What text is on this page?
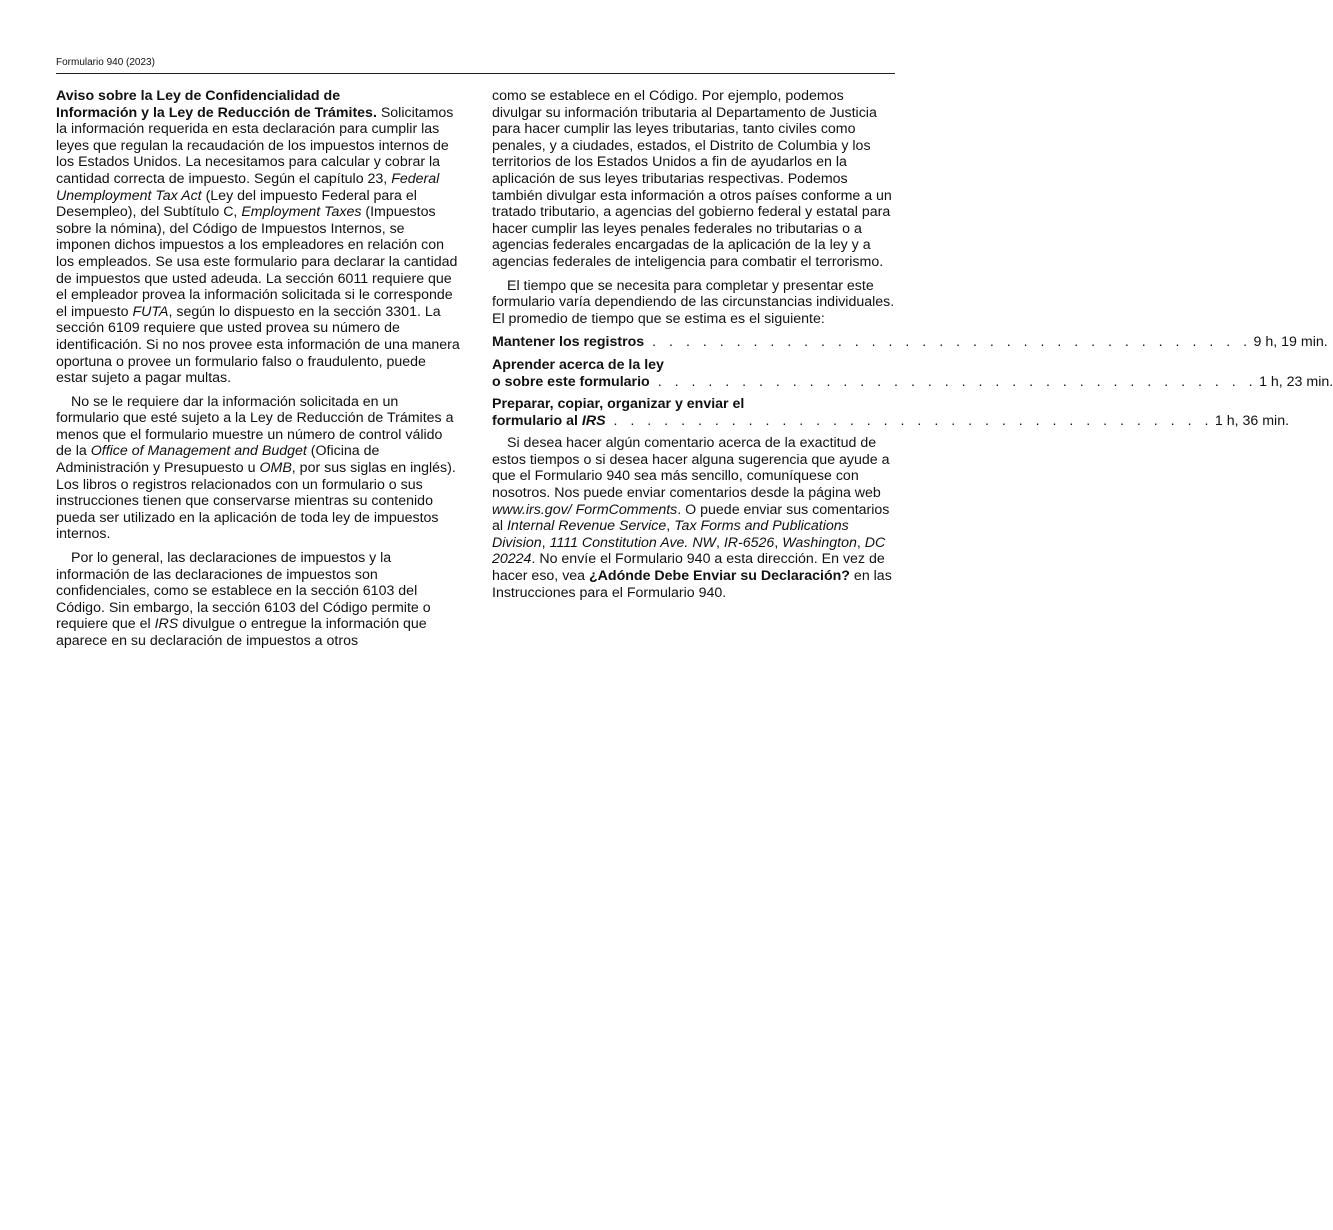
Formulario 940 (2023)

Aviso sobre la Ley de Confidencialidad de
Información y la Ley de Reducción de Trámites. Solicitamos la información requerida en esta declaración para cumplir las leyes que regulan la recaudación de los impuestos internos de los Estados Unidos. La necesitamos para calcular y cobrar la cantidad correcta de impuesto. Según el capítulo 23, Federal Unemployment Tax Act (Ley del impuesto Federal para el Desempleo), del Subtítulo C, Employment Taxes (Impuestos sobre la nómina), del Código de Impuestos Internos, se imponen dichos impuestos a los empleadores en relación con los empleados. Se usa este formulario para declarar la cantidad de impuestos que usted adeuda. La sección 6011 requiere que el empleador provea la información solicitada si le corresponde el impuesto FUTA, según lo dispuesto en la sección 3301. La sección 6109 requiere que usted provea su número de identificación. Si no nos provee esta información de una manera oportuna o provee un formulario falso o fraudulento, puede estar sujeto a pagar multas.

No se le requiere dar la información solicitada en un formulario que esté sujeto a la Ley de Reducción de Trámites a menos que el formulario muestre un número de control válido de la Office of Management and Budget (Oficina de Administración y Presupuesto u OMB, por sus siglas en inglés). Los libros o registros relacionados con un formulario o sus instrucciones tienen que conservarse mientras su contenido pueda ser utilizado en la aplicación de toda ley de impuestos internos.

Por lo general, las declaraciones de impuestos y la información de las declaraciones de impuestos son confidenciales, como se establece en la sección 6103 del Código. Sin embargo, la sección 6103 del Código permite o requiere que el IRS divulgue o entregue la información que aparece en su declaración de impuestos a otros

como se establece en el Código. Por ejemplo, podemos divulgar su información tributaria al Departamento de Justicia para hacer cumplir las leyes tributarias, tanto civiles como penales, y a ciudades, estados, el Distrito de Columbia y los territorios de los Estados Unidos a fin de ayudarlos en la aplicación de sus leyes tributarias respectivas. Podemos también divulgar esta información a otros países conforme a un tratado tributario, a agencias del gobierno federal y estatal para hacer cumplir las leyes penales federales no tributarias o a agencias federales encargadas de la aplicación de la ley y a agencias federales de inteligencia para combatir el terrorismo.

El tiempo que se necesita para completar y presentar este formulario varía dependiendo de las circunstancias individuales. El promedio de tiempo que se estima es el siguiente:

Mantener los registros . . . . . . . . . . . . . . . . . . . . . . . . . . . . . . . . . . . . 9 h, 19 min.
Aprender acerca de la ley
o sobre este formulario . . . . . . . . . . . . . . . . . . . . . . . . . . . . . . . . . . . . 1 h, 23 min.
Preparar, copiar, organizar y enviar el
formulario al IRS . . . . . . . . . . . . . . . . . . . . . . . . . . . . . . . . . . . . 1 h, 36 min.

Si desea hacer algún comentario acerca de la exactitud de estos tiempos o si desea hacer alguna sugerencia que ayude a que el Formulario 940 sea más sencillo, comuníquese con nosotros. Nos puede enviar comentarios desde la página web www.irs.gov/ FormComments. O puede enviar sus comentarios al Internal Revenue Service, Tax Forms and Publications Division, 1111 Constitution Ave. NW, IR-6526, Washington, DC 20224. No envíe el Formulario 940 a esta dirección. En vez de hacer eso, vea ¿Adónde Debe Enviar su Declaración? en las Instrucciones para el Formulario 940.
